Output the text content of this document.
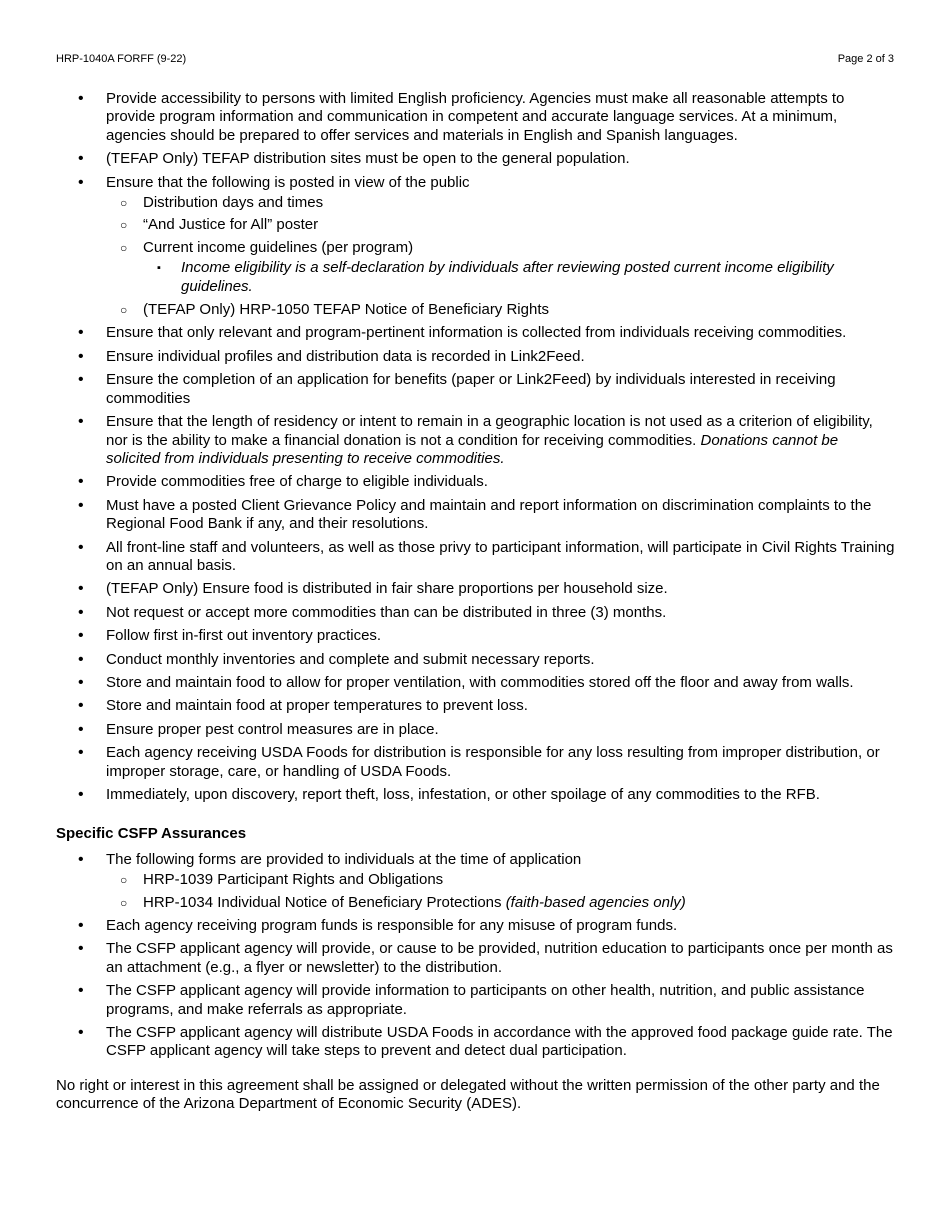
HRP-1040A FORFF (9-22)	Page 2 of 3
• Provide accessibility to persons with limited English proficiency. Agencies must make all reasonable attempts to provide program information and communication in competent and accurate language services. At a minimum, agencies should be prepared to offer services and materials in English and Spanish languages.
• (TEFAP Only) TEFAP distribution sites must be open to the general population.
• Ensure that the following is posted in view of the public
○ Distribution days and times
○ “And Justice for All” poster
○ Current income guidelines (per program)
▪ Income eligibility is a self-declaration by individuals after reviewing posted current income eligibility guidelines.
○ (TEFAP Only) HRP-1050 TEFAP Notice of Beneficiary Rights
• Ensure that only relevant and program-pertinent information is collected from individuals receiving commodities.
• Ensure individual profiles and distribution data is recorded in Link2Feed.
• Ensure the completion of an application for benefits (paper or Link2Feed) by individuals interested in receiving commodities
• Ensure that the length of residency or intent to remain in a geographic location is not used as a criterion of eligibility, nor is the ability to make a financial donation is not a condition for receiving commodities. Donations cannot be solicited from individuals presenting to receive commodities.
• Provide commodities free of charge to eligible individuals.
• Must have a posted Client Grievance Policy and maintain and report information on discrimination complaints to the Regional Food Bank if any, and their resolutions.
• All front-line staff and volunteers, as well as those privy to participant information, will participate in Civil Rights Training on an annual basis.
• (TEFAP Only) Ensure food is distributed in fair share proportions per household size.
• Not request or accept more commodities than can be distributed in three (3) months.
• Follow first in-first out inventory practices.
• Conduct monthly inventories and complete and submit necessary reports.
• Store and maintain food to allow for proper ventilation, with commodities stored off the floor and away from walls.
• Store and maintain food at proper temperatures to prevent loss.
• Ensure proper pest control measures are in place.
• Each agency receiving USDA Foods for distribution is responsible for any loss resulting from improper distribution, or improper storage, care, or handling of USDA Foods.
• Immediately, upon discovery, report theft, loss, infestation, or other spoilage of any commodities to the RFB.
Specific CSFP Assurances
• The following forms are provided to individuals at the time of application
○ HRP-1039 Participant Rights and Obligations
○ HRP-1034 Individual Notice of Beneficiary Protections (faith-based agencies only)
• Each agency receiving program funds is responsible for any misuse of program funds.
• The CSFP applicant agency will provide, or cause to be provided, nutrition education to participants once per month as an attachment (e.g., a flyer or newsletter) to the distribution.
• The CSFP applicant agency will provide information to participants on other health, nutrition, and public assistance programs, and make referrals as appropriate.
• The CSFP applicant agency will distribute USDA Foods in accordance with the approved food package guide rate. The CSFP applicant agency will take steps to prevent and detect dual participation.

No right or interest in this agreement shall be assigned or delegated without the written permission of the other party and the concurrence of the Arizona Department of Economic Security (ADES).
